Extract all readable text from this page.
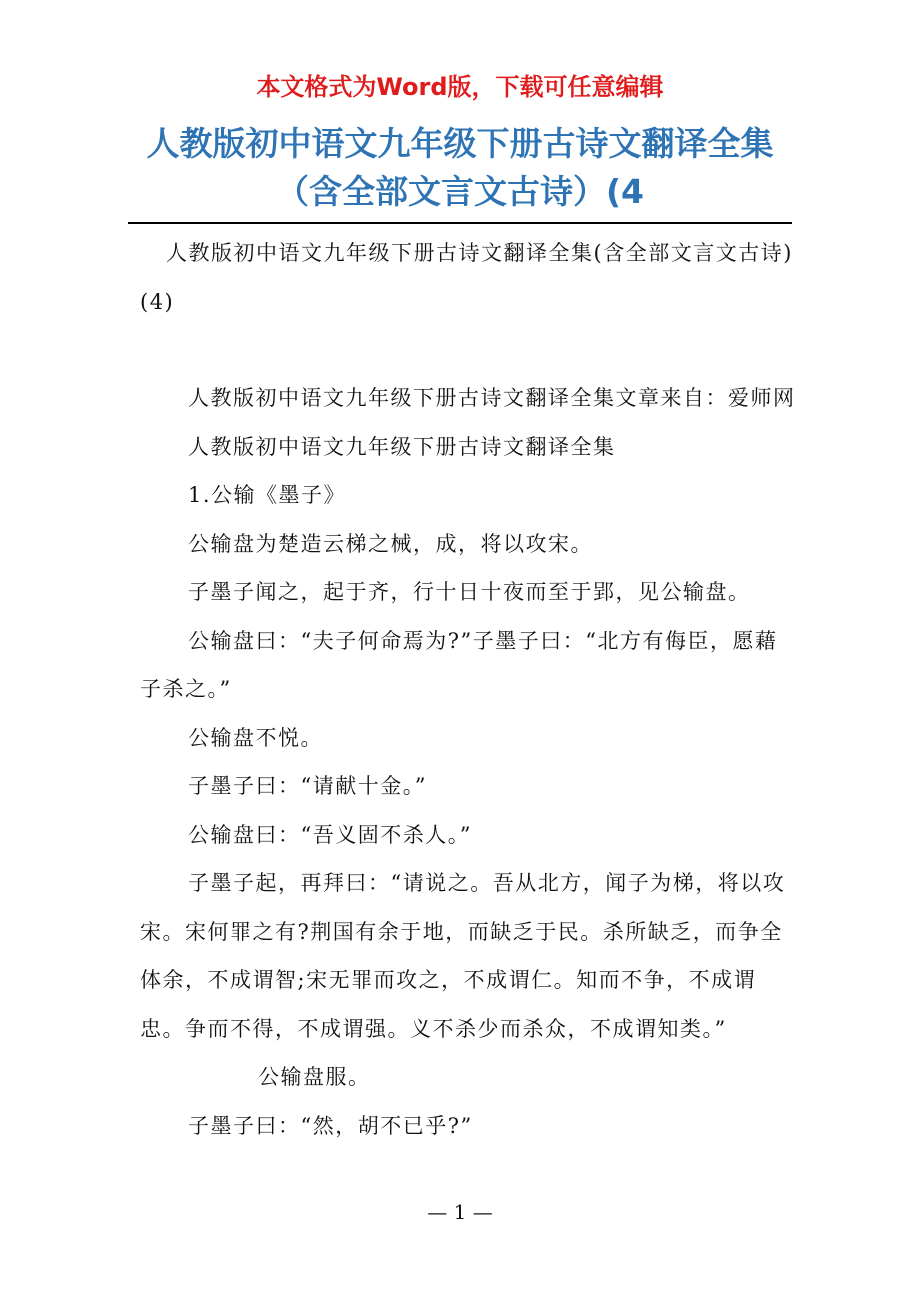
本文格式为Word版，下载可任意编辑
人教版初中语文九年级下册古诗文翻译全集（含全部文言文古诗）(4

人教版初中语文九年级下册古诗文翻译全集(含全部文言文古诗)(4)

人教版初中语文九年级下册古诗文翻译全集文章来自：爱师网

人教版初中语文九年级下册古诗文翻译全集

1.公输《墨子》

公输盘为楚造云梯之械，成，将以攻宋。

子墨子闻之，起于齐，行十日十夜而至于郢，见公输盘。

公输盘曰：“夫子何命焉为?”子墨子曰：“北方有侮臣，愿藉子杀之。”

公输盘不悦。

子墨子曰：“请献十金。”

公输盘曰：“吾义固不杀人。”

子墨子起，再拜曰：“请说之。吾从北方，闻子为梯，将以攻宋。宋何罪之有?荆国有余于地，而缺乏于民。杀所缺乏，而争全体余，不成谓智;宋无罪而攻之，不成谓仁。知而不争，不成谓忠。争而不得，不成谓强。义不杀少而杀众，不成谓知类。”公输盘服。

子墨子曰：“然，胡不已乎?”

— 1 —
